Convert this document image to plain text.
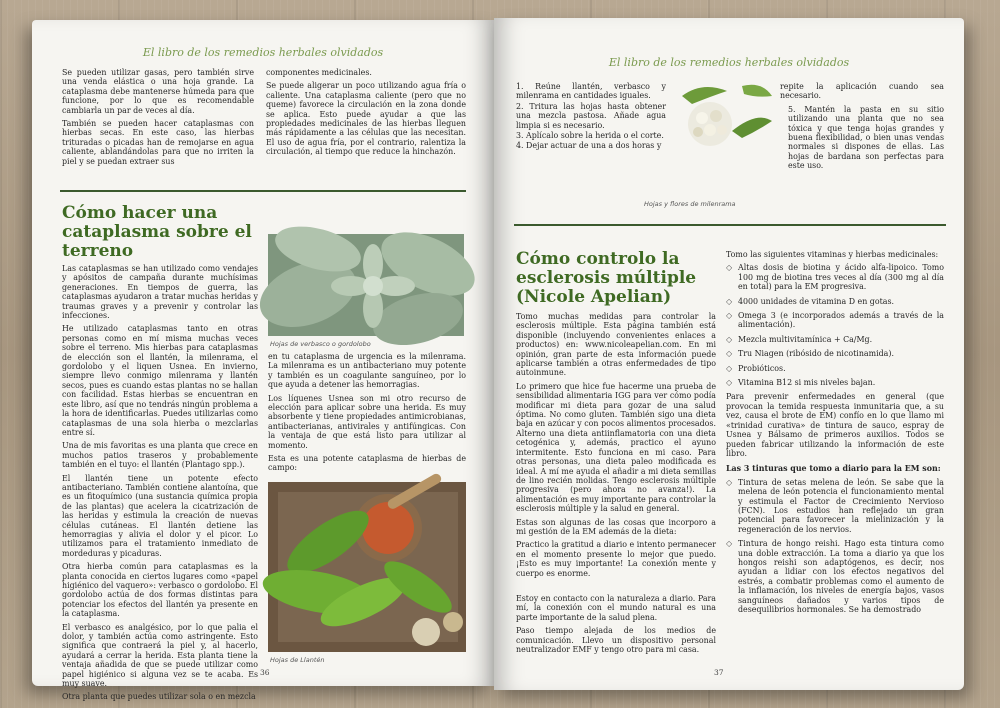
El libro de los remedios herbales olvidados

Se pueden utilizar gasas, pero también sirve una venda elástica o una hoja grande. La cataplasma debe mantenerse húmeda para que funcione, por lo que es recomendable cambiarla un par de veces al día.

También se pueden hacer cataplasmas con hierbas secas. En este caso, las hierbas trituradas o picadas han de remojarse en agua caliente, ablandándolas para que no irriten la piel y se puedan extraer sus

componentes medicinales.

Se puede aligerar un poco utilizando agua fría o caliente. Una cataplasma caliente (pero que no queme) favorece la circulación en la zona donde se aplica. Esto puede ayudar a que las propiedades medicinales de las hierbas lleguen más rápidamente a las células que las necesitan. El uso de agua fría, por el contrario, ralentiza la circulación, al tiempo que reduce la hinchazón.

Cómo hacer una cataplasma sobre el terreno

Las cataplasmas se han utilizado como vendajes y apósitos de campaña durante muchísimas generaciones. En tiempos de guerra, las cataplasmas ayudaron a tratar muchas heridas y traumas graves y a prevenir y controlar las infecciones.

He utilizado cataplasmas tanto en otras personas como en mí misma muchas veces sobre el terreno. Mis hierbas para cataplasmas de elección son el llantén, la milenrama, el gordolobo y el liquen Usnea. En invierno, siempre llevo conmigo milenrama y llantén secos, pues es cuando estas plantas no se hallan con facilidad. Estas hierbas se encuentran en este libro, así que no tendrás ningún problema a la hora de identificarlas. Puedes utilizarlas como cataplasmas de una sola hierba o mezclarlas entre sí.

Una de mis favoritas es una planta que crece en muchos patios traseros y probablemente también en el tuyo: el llantén (Plantago spp.).

El llantén tiene un potente efecto antibacteriano. También contiene alantoína, que es un fitoquímico (una sustancia química propia de las plantas) que acelera la cicatrización de las heridas y estimula la creación de nuevas células cutáneas. El llantén detiene las hemorragias y alivia el dolor y el picor. Lo utilizamos para el tratamiento inmediato de mordeduras y picaduras.

Otra hierba común para cataplasmas es la planta conocida en ciertos lugares como «papel higiénico del vaquero»: verbasco o gordolobo. El gordolobo actúa de dos formas distintas para potenciar los efectos del llantén ya presente en la cataplasma.

El verbasco es analgésico, por lo que palia el dolor, y también actúa como astringente. Esto significa que contraerá la piel y, al hacerlo, ayudará a cerrar la herida. Esta planta tiene la ventaja añadida de que se puede utilizar como papel higiénico si alguna vez se te acaba. Es muy suave.

Otra planta que puedes utilizar sola o en mezcla

Hojas de verbasco o gordolobo

en tu cataplasma de urgencia es la milenrama. La milenrama es un antibacteriano muy potente y también es un coagulante sanguíneo, por lo que ayuda a detener las hemorragias.

Los líquenes Usnea son mi otro recurso de elección para aplicar sobre una herida. Es muy absorbente y tiene propiedades antimicrobianas, antibacterianas, antivirales y antifúngicas. Con la ventaja de que está listo para utilizar al momento.

Esta es una potente cataplasma de hierbas de campo:

Hojas de Llantén
36
El libro de los remedios herbales olvidados
1. Reúne llantén, verbasco y milenrama en cantidades iguales.
2. Tritura las hojas hasta obtener una mezcla pastosa. Añade agua limpia si es necesario.
3. Aplícalo sobre la herida o el corte.
4. Dejar actuar de una a dos horas y

repite la aplicación cuando sea necesario.

5. Mantén la pasta en su sitio utilizando una planta que no sea tóxica y que tenga hojas grandes y buena flexibilidad, o bien unas vendas normales si dispones de ellas. Las hojas de bardana son perfectas para este uso.

Hojas y flores de milenrama
Cómo controlo la esclerosis múltiple (Nicole Apelian)

Tomo muchas medidas para controlar la esclerosis múltiple. Esta página también está disponible (incluyendo convenientes enlaces a productos) en: www.nicoleapelian.com. En mi opinión, gran parte de esta información puede aplicarse también a otras enfermedades de tipo autoinmune.

Lo primero que hice fue hacerme una prueba de sensibilidad alimentaria IGG para ver cómo podía modificar mi dieta para gozar de una salud óptima. No como gluten. También sigo una dieta baja en azúcar y con pocos alimentos procesados. Alterno una dieta antiinflamatoria con una dieta cetogénica y, además, practico el ayuno intermitente. Esto funciona en mi caso. Para otras personas, una dieta paleo modificada es ideal. A mí me ayuda el añadir a mi dieta semillas de lino recién molidas. Tengo esclerosis múltiple progresiva (pero ahora no avanza!). La alimentación es muy importante para controlar la esclerosis múltiple y la salud en general.

Estas son algunas de las cosas que incorporo a mi gestión de la EM además de la dieta:

Practico la gratitud a diario e intento permanecer en el momento presente lo mejor que puedo. ¡Esto es muy importante! La conexión mente y cuerpo es enorme.

Estoy en contacto con la naturaleza a diario. Para mí, la conexión con el mundo natural es una parte importante de la salud plena.

Paso tiempo alejada de los medios de comunicación. Llevo un dispositivo personal neutralizador EMF y tengo otro para mi casa.

Tomo las siguientes vitaminas y hierbas medicinales:

◇ Altas dosis de biotina y ácido alfa-lipoico. Tomo 100 mg de biotina tres veces al día (300 mg al día en total) para la EM progresiva.
◇ 4000 unidades de vitamina D en gotas.
◇ Omega 3 (e incorporados además a través de la alimentación).
◇ Mezcla multivitamínica + Ca/Mg.
◇ Tru Niagen (ribósido de nicotinamida).
◇ Probióticos.
◇ Vitamina B12 si mis niveles bajan.

Para prevenir enfermedades en general (que provocan la temida respuesta inmunitaria que, a su vez, causa el brote de EM) confío en lo que llamo mi «trinidad curativa» de tintura de sauco, espray de Usnea y Bálsamo de primeros auxilios. Todos se pueden fabricar utilizando la información de este libro.

Las 3 tinturas que tomo a diario para la EM son:

◇ Tintura de setas melena de león. Se sabe que la melena de león potencia el funcionamiento mental y estimula el Factor de Crecimiento Nervioso (FCN). Los estudios han reflejado un gran potencial para favorecer la mielinización y la regeneración de los nervios.
◇ Tintura de hongo reishi. Hago esta tintura como una doble extracción. La toma a diario ya que los hongos reishi son adaptógenos, es decir, nos ayudan a lidiar con los efectos negativos del estrés, a combatir problemas como el aumento de la inflamación, los niveles de energía bajos, vasos sanguíneos dañados y varios tipos de desequilibrios hormonales. Se ha demostrado
37
